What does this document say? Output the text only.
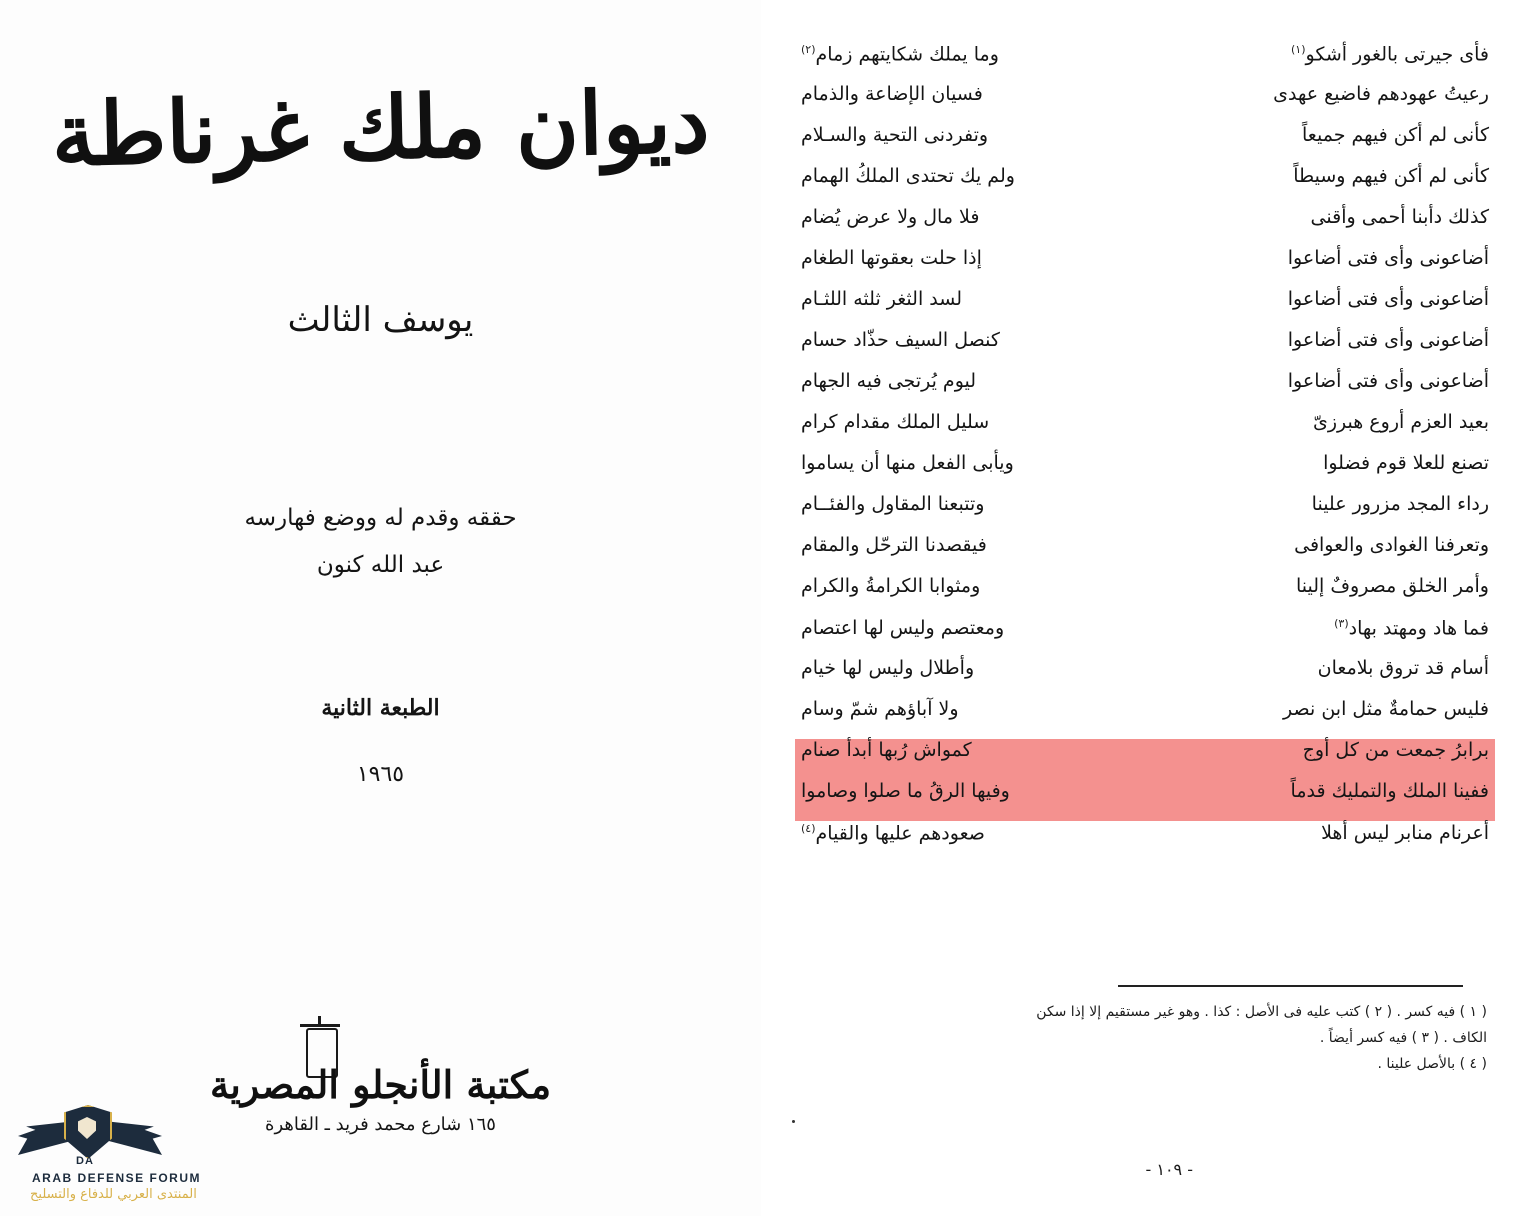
فأى جيرتى بالغور أشكو$^{(١)}$
وما يملك شكايتهم زمام$^{(٢)}$
رعيتُ عهودهم فاضيع عهدى
فسيان الإضاعة والذمام
كأنى لم أكن فيهم جميعاً
وتفردنى التحية والسـلام
كأنى لم أكن فيهم وسيطاً
ولم يك تحتدى الملكُ الهمام
كذلك دأبنا أحمى وأقنى
فلا مال ولا عرض يُضام
أضاعونى وأى فتى أضاعوا
إذا حلت بعقوتها الطغام
أضاعونى وأى فتى أضاعوا
لسد الثغر ثلثه اللثـام
أضاعونى وأى فتى أضاعوا
كنصل السيف حذّاد حسام
أضاعونى وأى فتى أضاعوا
ليوم يُرتجى فيه الجهام
بعيد العزم أروع هبرزىّ
سليل الملك مقدام كرام
تصنع للعلا قوم فضلوا
ويأبى الفعل منها أن يساموا
رداء المجد مزرور علينا
وتتبعنا المقاول والفئــام
وتعرفنا الغوادى والعوافى
فيقصدنا الترحّل والمقام
وأمر الخلق مصروفٌ إلينا
ومثوابا الكرامةُ والكرام
فما هاد ومهتد بهاد$^{(٣)}$
ومعتصم وليس لها اعتصام
أسام قد تروق بلامعان
وأطلال وليس لها خيام
فليس حمامةٌ مثل ابن نصر
ولا آباؤهم شمّ وسام
برابرُ جمعت من كل أوج
كمواش رُبها أبدأ صنام
ففينا الملك والتمليك قدماً
وفيها الرقُ ما صلوا وصاموا
أعرنام منابر ليس أهلا
صعودهم عليها والقيام$^{(٤)}$
( ١ ) فيه كسر . ( ٢ ) كتب عليه فى الأصل : كذا . وهو غير مستقيم إلا إذا سكن
الكاف . ( ٣ ) فيه كسر أيضاً .
( ٤ ) بالأصل علينا .
- ١٠٩ -
ديوان ملك غرناطة
يوسف الثالث
حققه وقدم له ووضع فهارسه
عبد الله كنون
الطبعة الثانية
١٩٦٥
مكتبة الأنجلو المصرية
١٦٥ شارع محمد فريد ـ القاهرة
DA
ARAB DEFENSE FORUM
المنتدى العربي للدفاع والتسليح
